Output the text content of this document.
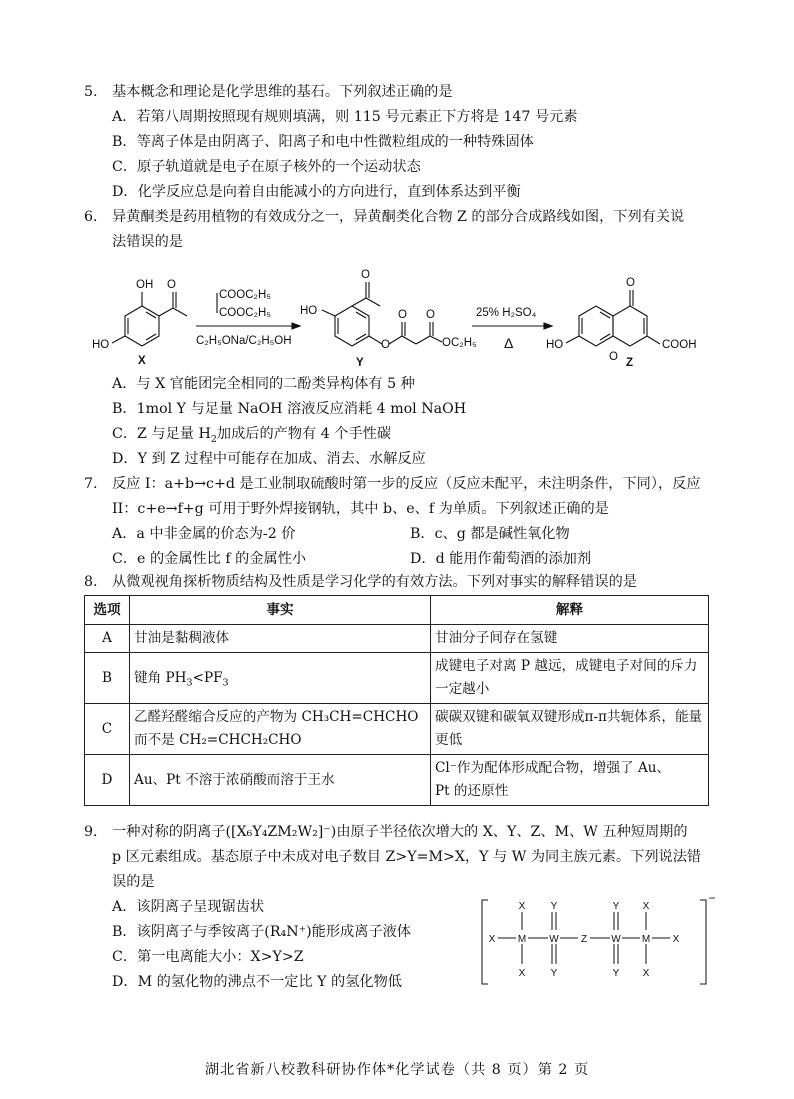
5. 基本概念和理论是化学思维的基石。下列叙述正确的是
A．若第八周期按照现有规则填满，则 115 号元素正下方将是 147 号元素
B．等离子体是由阴离子、阳离子和电中性微粒组成的一种特殊固体
C．原子轨道就是电子在原子核外的一个运动状态
D．化学反应总是向着自由能减小的方向进行，直到体系达到平衡
6. 异黄酮类是药用植物的有效成分之一，异黄酮类化合物 Z 的部分合成路线如图，下列有关说
法错误的是
OH
HO
O
X
COOC₂H₅
COOC₂H₅
C₂H₅ONa/C₂H₅OH
O
HO
O
O O
OC₂H₅
Y
25% H₂SO₄
Δ
O
O
HO	COOH
Z
A．与 X 官能团完全相同的二酚类异构体有 5 种
B．1mol Y 与足量 NaOH 溶液反应消耗 4 mol NaOH
C．Z 与足量 $H_2$加成后的产物有 4 个手性碳
D．Y 到 Z 过程中可能存在加成、消去、水解反应
7. 反应 I：a+b→c+d 是工业制取硫酸时第一步的反应（反应未配平，未注明条件，下同），反应
II：c+e→f+g 可用于野外焊接钢轨，其中 b、e、f 为单质。下列叙述正确的是
A．a 中非金属的价态为-2 价	B．c、g 都是碱性氧化物
C．e 的金属性比 f 的金属性小	D．d 能用作葡萄酒的添加剂
8. 从微观视角探析物质结构及性质是学习化学的有效方法。下列对事实的解释错误的是
选项	事实	解释
A	甘油是黏稠液体	甘油分子间存在氢键
B	键角 $PH_3<PF_3$	成键电子对离 P 越远，成键电子对间的斥力一定越小
C	乙醛羟醛缩合反应的产物为 CH₃CH=CHCHO
而不是 CH₂=CHCH₂CHO	碳碳双键和碳氧双键形成π-π共轭体系，能量更低
D	Au、Pt 不溶于浓硝酸而溶于王水	Cl⁻作为配体形成配合物，增强了 Au、
Pt 的还原性
9. 一种对称的阴离子([X₆Y₄ZM₂W₂]⁻)由原子半径依次增大的 X、Y、Z、M、W 五种短周期的
p 区元素组成。基态原子中未成对电子数目 Z>Y=M>X，Y 与 W 为同主族元素。下列说法错
误的是
A．该阴离子呈现锯齿状
B．该阴离子与季铵离子(R₄N⁺)能形成离子液体
C．第一电离能大小：X>Y>Z
D．M 的氢化物的沸点不一定比 Y 的氢化物低
X M W Z W M X
X
X
Y
Y
Y
Y
X
X
−
湖北省新八校教科研协作体*化学试卷（共 8 页）第 2 页
